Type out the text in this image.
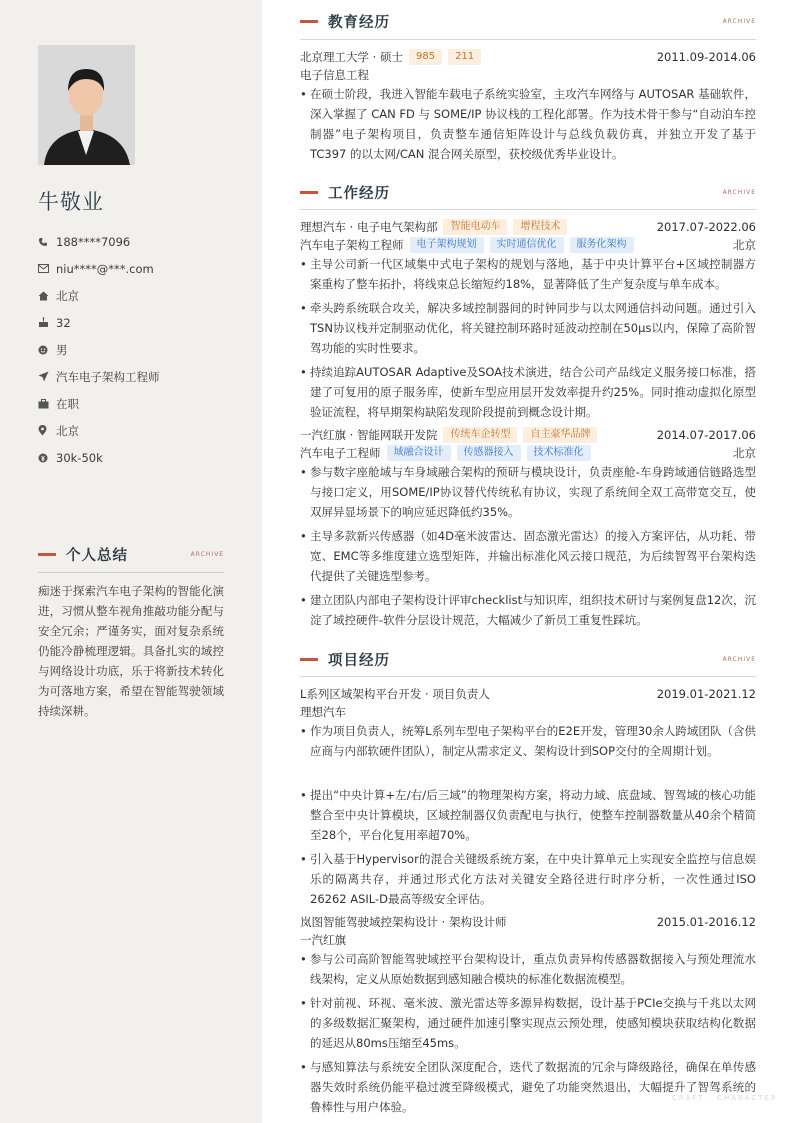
牛敬业
188****7096
niu****@***.com
北京
32
男
汽车电子架构工程师
在职
北京
30k-50k
个人总结	ARCHIVE
痴迷于探索汽车电子架构的智能化演进，习惯从整车视角推敲功能分配与安全冗余；严谨务实，面对复杂系统仍能冷静梳理逻辑。具备扎实的域控与网络设计功底，乐于将新技术转化为可落地方案，希望在智能驾驶领域持续深耕。
教育经历	ARCHIVE
北京理工大学 · 硕士	985	211	2011.09-2014.06
电子信息工程
• 在硕士阶段，我进入智能车载电子系统实验室，主攻汽车网络与 AUTOSAR 基础软件，深入掌握了 CAN FD 与 SOME/IP 协议栈的工程化部署。作为技术骨干参与“自动泊车控制器”电子架构项目，负责整车通信矩阵设计与总线负载仿真，并独立开发了基于 TC397 的以太网/CAN 混合网关原型，获校级优秀毕业设计。
工作经历	ARCHIVE
理想汽车 · 电子电气架构部	智能电动车	增程技术	2017.07-2022.06
汽车电子架构工程师	电子架构规划	实时通信优化	服务化架构	北京
• 主导公司新一代区域集中式电子架构的规划与落地，基于中央计算平台+区域控制器方案重构了整车拓扑，将线束总长缩短约18%，显著降低了生产复杂度与单车成本。
• 牵头跨系统联合攻关，解决多域控制器间的时钟同步与以太网通信抖动问题。通过引入TSN协议栈并定制驱动优化，将关键控制环路时延波动控制在50μs以内，保障了高阶智驾功能的实时性要求。
• 持续追踪AUTOSAR Adaptive及SOA技术演进，结合公司产品线定义服务接口标准，搭建了可复用的原子服务库，使新车型应用层开发效率提升约25%。同时推动虚拟化原型验证流程，将早期架构缺陷发现阶段提前到概念设计期。
一汽红旗 · 智能网联开发院	传统车企转型	自主豪华品牌	2014.07-2017.06
汽车电子工程师	域融合设计	传感器接入	技术标准化	北京
• 参与数字座舱域与车身域融合架构的预研与模块设计，负责座舱-车身跨域通信链路选型与接口定义，用SOME/IP协议替代传统私有协议，实现了系统间全双工高带宽交互，使双屏异显场景下的响应延迟降低约35%。
• 主导多款新兴传感器（如4D毫米波雷达、固态激光雷达）的接入方案评估，从功耗、带宽、EMC等多维度建立选型矩阵，并输出标准化风云接口规范，为后续智驾平台架构迭代提供了关键选型参考。
• 建立团队内部电子架构设计评审checklist与知识库，组织技术研讨与案例复盘12次，沉淀了域控硬件-软件分层设计规范，大幅减少了新员工重复性踩坑。
项目经历	ARCHIVE
L系列区域架构平台开发 · 项目负责人	2019.01-2021.12
理想汽车
• 作为项目负责人，统筹L系列车型电子架构平台的E2E开发，管理30余人跨域团队（含供应商与内部软硬件团队），制定从需求定义、架构设计到SOP交付的全周期计划。
• 提出“中央计算+左/右/后三域”的物理架构方案，将动力域、底盘域、智驾域的核心功能整合至中央计算模块，区域控制器仅负责配电与执行，使整车控制器数量从40余个精简至28个，平台化复用率超70%。
• 引入基于Hypervisor的混合关键级系统方案，在中央计算单元上实现安全监控与信息娱乐的隔离共存，并通过形式化方法对关键安全路径进行时序分析，一次性通过ISO 26262 ASIL-D最高等级安全评估。
岚图智能驾驶域控架构设计 · 架构设计师	2015.01-2016.12
一汽红旗
• 参与公司高阶智能驾驶域控平台架构设计，重点负责异构传感器数据接入与预处理流水线架构，定义从原始数据到感知融合模块的标准化数据流模型。
• 针对前视、环视、毫米波、激光雷达等多源异构数据，设计基于PCIe交换与千兆以太网的多级数据汇聚架构，通过硬件加速引擎实现点云预处理，使感知模块获取结构化数据的延迟从80ms压缩至45ms。
• 与感知算法与系统安全团队深度配合，迭代了数据流的冗余与降级路径，确保在单传感器失效时系统仍能平稳过渡至降级模式，避免了功能突然退出，大幅提升了智驾系统的鲁棒性与用户体验。
CRAFT · CHARACTER
